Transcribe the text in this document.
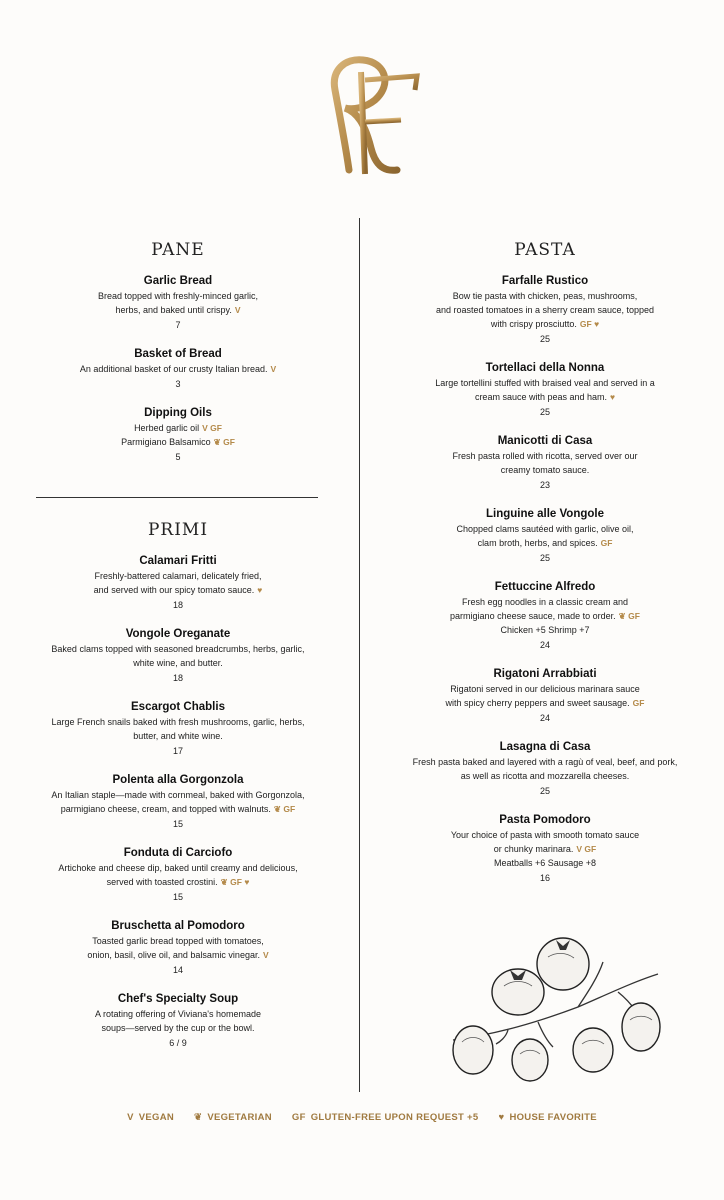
PANE
Garlic Bread
Bread topped with freshly-minced garlic,
herbs, and baked until crispy. V
7
Basket of Bread
An additional basket of our crusty Italian bread. V
3
Dipping Oils
Herbed garlic oil V GF
Parmigiano Balsamico ❦ GF
5
PRIMI
Calamari Fritti
Freshly-battered calamari, delicately fried,
and served with our spicy tomato sauce. ♥
18
Vongole Oreganate
Baked clams topped with seasoned breadcrumbs, herbs, garlic,
white wine, and butter.
18
Escargot Chablis
Large French snails baked with fresh mushrooms, garlic, herbs,
butter, and white wine.
17
Polenta alla Gorgonzola
An Italian staple—made with cornmeal, baked with Gorgonzola,
parmigiano cheese, cream, and topped with walnuts. ❦ GF
15
Fonduta di Carciofo
Artichoke and cheese dip, baked until creamy and delicious,
served with toasted crostini. ❦ GF ♥
15
Bruschetta al Pomodoro
Toasted garlic bread topped with tomatoes,
onion, basil, olive oil, and balsamic vinegar. V
14
Chef's Specialty Soup
A rotating offering of Viviana's homemade
soups—served by the cup or the bowl.
6 / 9
PASTA
Farfalle Rustico
Bow tie pasta with chicken, peas, mushrooms,
and roasted tomatoes in a sherry cream sauce, topped
with crispy prosciutto. GF ♥
25
Tortellaci della Nonna
Large tortellini stuffed with braised veal and served in a
cream sauce with peas and ham. ♥
25
Manicotti di Casa
Fresh pasta rolled with ricotta, served over our
creamy tomato sauce.
23
Linguine alle Vongole
Chopped clams sautéed with garlic, olive oil,
clam broth, herbs, and spices. GF
25
Fettuccine Alfredo
Fresh egg noodles in a classic cream and
parmigiano cheese sauce, made to order. ❦ GF
Chicken +5 Shrimp +7
24
Rigatoni Arrabbiati
Rigatoni served in our delicious marinara sauce
with spicy cherry peppers and sweet sausage. GF
24
Lasagna di Casa
Fresh pasta baked and layered with a ragù of veal, beef, and pork,
as well as ricotta and mozzarella cheeses.
25
Pasta Pomodoro
Your choice of pasta with smooth tomato sauce
or chunky marinara. V GF
Meatballs +6 Sausage +8
16
V VEGAN ❦ VEGETARIAN GF GLUTEN-FREE UPON REQUEST +5 ♥ HOUSE FAVORITE
